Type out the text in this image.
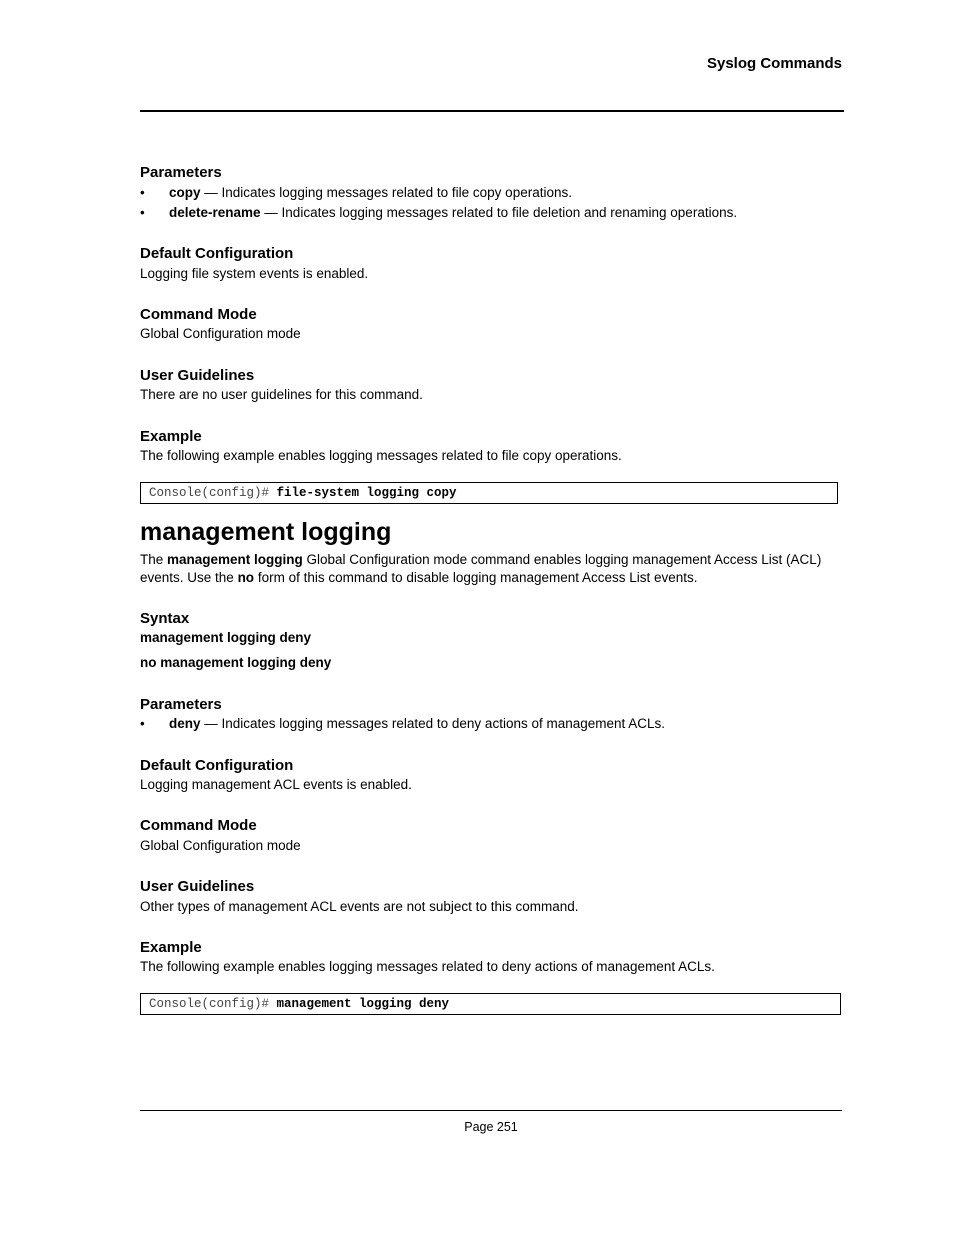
Syslog Commands
Parameters
• copy — Indicates logging messages related to file copy operations.
• delete-rename — Indicates logging messages related to file deletion and renaming operations.
Default Configuration
Logging file system events is enabled.
Command Mode
Global Configuration mode
User Guidelines
There are no user guidelines for this command.
Example
The following example enables logging messages related to file copy operations.
Console(config)# file-system logging copy
management logging
The management logging Global Configuration mode command enables logging management Access List (ACL) events. Use the no form of this command to disable logging management Access List events.
Syntax
management logging deny
no management logging deny
Parameters
• deny — Indicates logging messages related to deny actions of management ACLs.
Default Configuration
Logging management ACL events is enabled.
Command Mode
Global Configuration mode
User Guidelines
Other types of management ACL events are not subject to this command.
Example
The following example enables logging messages related to deny actions of management ACLs.
Console(config)# management logging deny
Page 251
